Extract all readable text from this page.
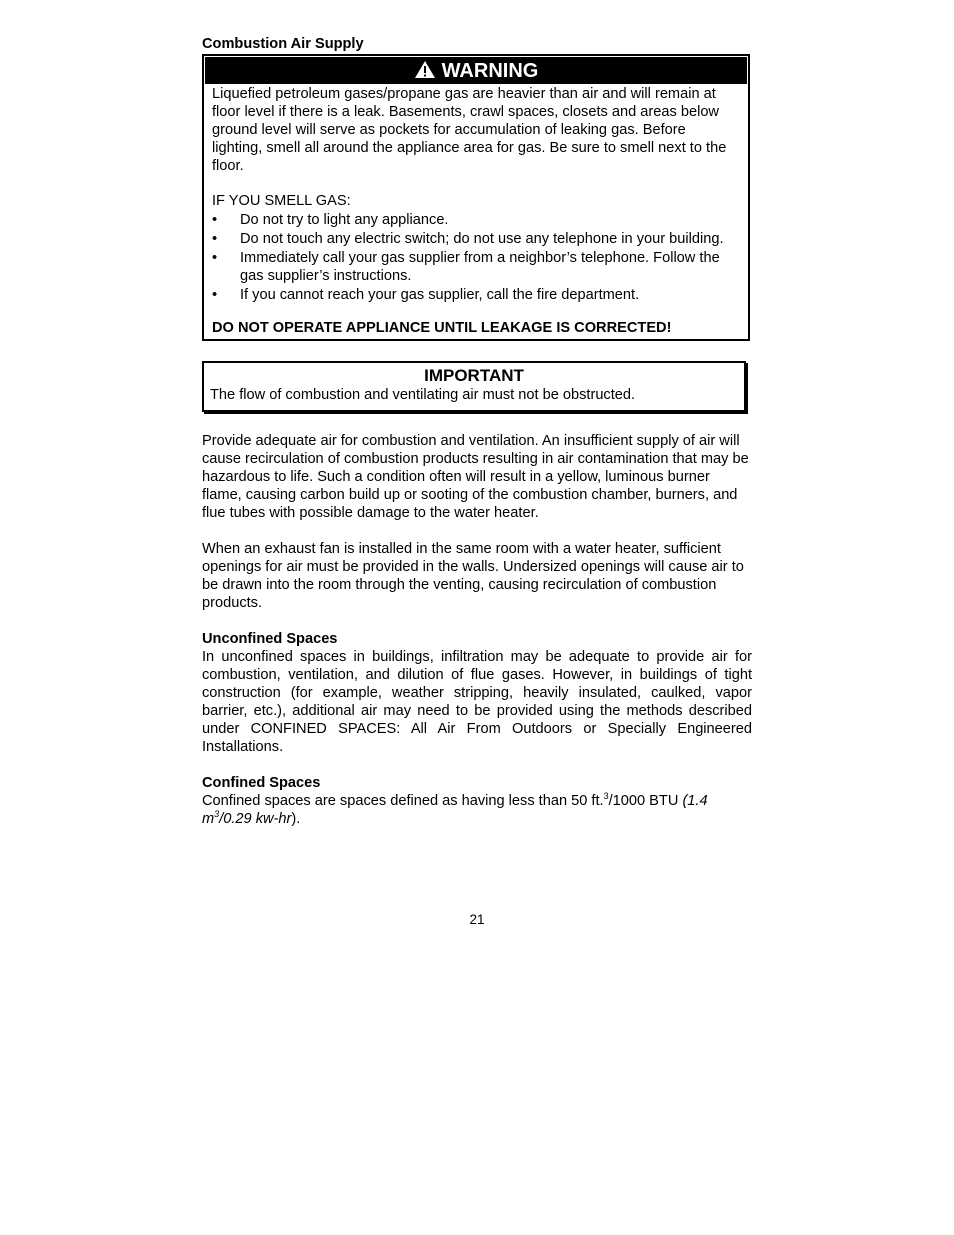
Combustion Air Supply

WARNING

Liquefied petroleum gases/propane gas are heavier than air and will remain at floor level if there is a leak. Basements, crawl spaces, closets and areas below ground level will serve as pockets for accumulation of leaking gas. Before lighting, smell all around the appliance area for gas. Be sure to smell next to the floor.

IF YOU SMELL GAS:

• Do not try to light any appliance.
• Do not touch any electric switch; do not use any telephone in your building.
• Immediately call your gas supplier from a neighbor’s telephone. Follow the gas supplier’s instructions.
• If you cannot reach your gas supplier, call the fire department.

DO NOT OPERATE APPLIANCE UNTIL LEAKAGE IS CORRECTED!

IMPORTANT
The flow of combustion and ventilating air must not be obstructed.

Provide adequate air for combustion and ventilation. An insufficient supply of air will cause recirculation of combustion products resulting in air contamination that may be hazardous to life. Such a condition often will result in a yellow, luminous burner flame, causing carbon build up or sooting of the combustion chamber, burners, and flue tubes with possible damage to the water heater.

When an exhaust fan is installed in the same room with a water heater, sufficient openings for air must be provided in the walls. Undersized openings will cause air to be drawn into the room through the venting, causing recirculation of combustion products.

Unconfined Spaces

In unconfined spaces in buildings, infiltration may be adequate to provide air for combustion, ventilation, and dilution of flue gases. However, in buildings of tight construction (for example, weather stripping, heavily insulated, caulked, vapor barrier, etc.), additional air may need to be provided using the methods described under CONFINED SPACES: All Air From Outdoors or Specially Engineered Installations.

Confined Spaces

Confined spaces are spaces defined as having less than 50 ft.$^3$/1000 BTU (1.4 $m^3/0.29$ kw-hr).

21
